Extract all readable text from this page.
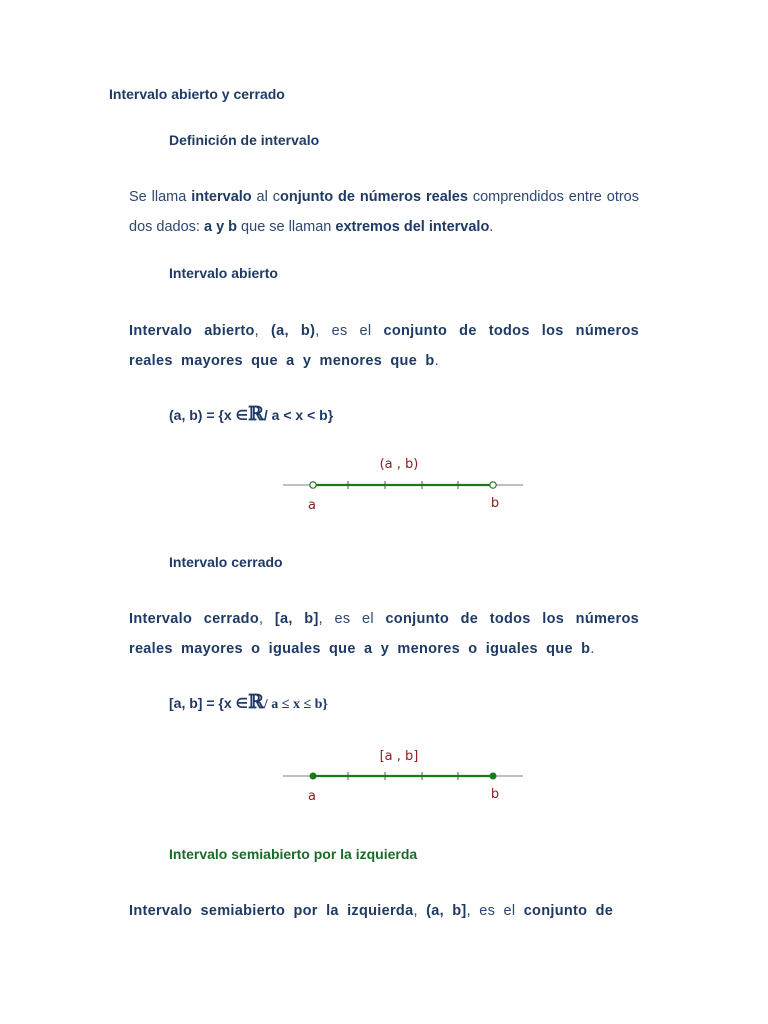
Intervalo abierto y cerrado
Definición de intervalo
Se llama intervalo al conjunto de números reales comprendidos entre otros dos dados: a y b que se llaman extremos del intervalo.
Intervalo abierto
Intervalo abierto, (a, b), es el conjunto de todos los números reales mayores que a y menores que b.
(a, b) = {x ∈ℝ/ a < x < b}
(a , b)
a	b
Intervalo cerrado
Intervalo cerrado, [a, b], es el conjunto de todos los números reales mayores o iguales que a y menores o iguales que b.
[a, b] = {x ∈ℝ/ a ≤ x ≤ b}
[a , b]
a	b
Intervalo semiabierto por la izquierda
Intervalo semiabierto por la izquierda, (a, b], es el conjunto de
